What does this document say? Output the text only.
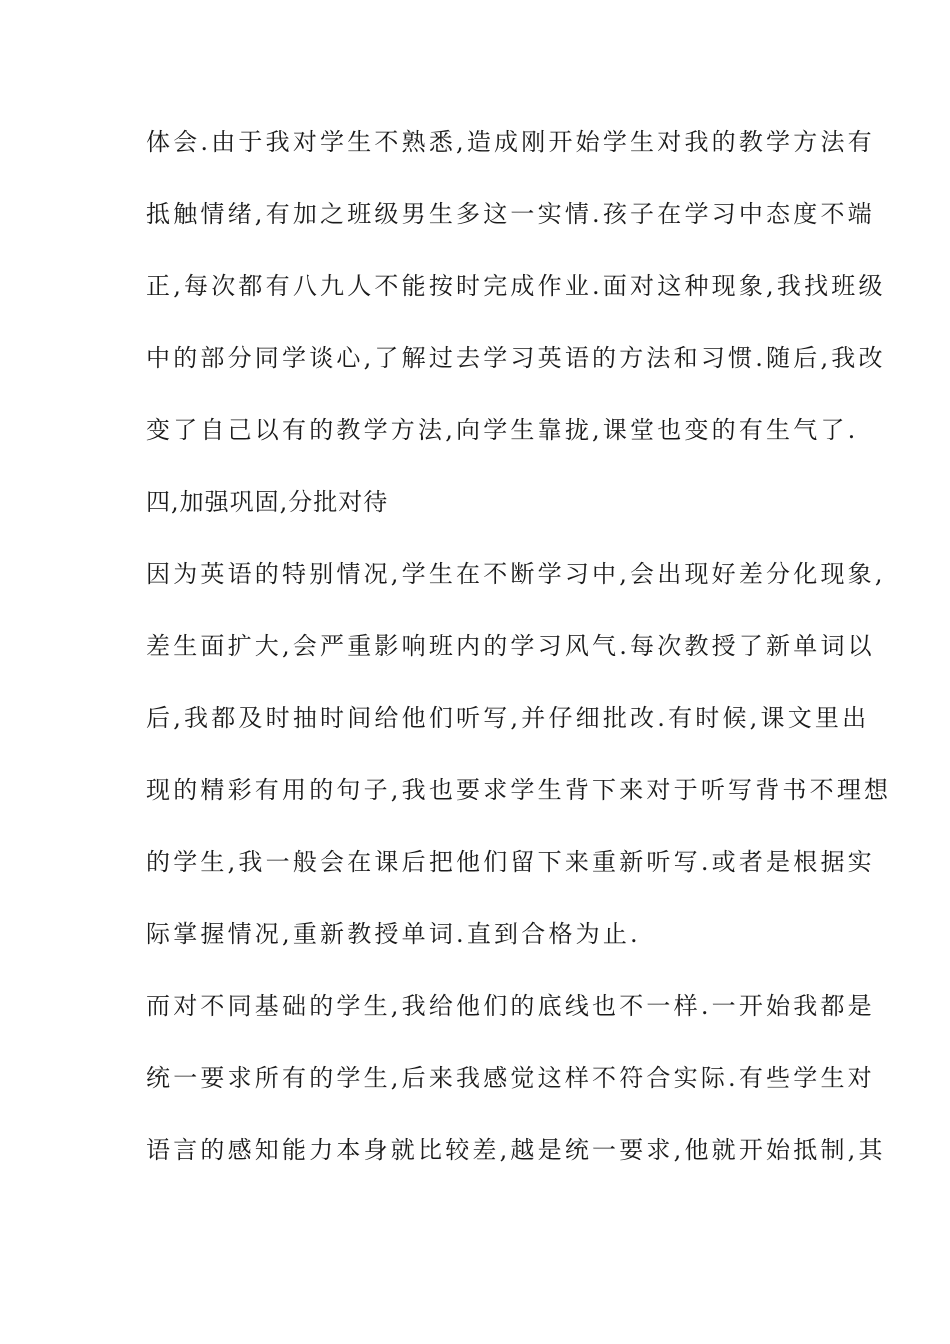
体会.由于我对学生不熟悉,造成刚开始学生对我的教学方法有
抵触情绪,有加之班级男生多这一实情.孩子在学习中态度不端
正,每次都有八九人不能按时完成作业.面对这种现象,我找班级
中的部分同学谈心,了解过去学习英语的方法和习惯.随后,我改
变了自己以有的教学方法,向学生靠拢,课堂也变的有生气了.
四,加强巩固,分批对待
因为英语的特别情况,学生在不断学习中,会出现好差分化现象,
差生面扩大,会严重影响班内的学习风气.每次教授了新单词以
后,我都及时抽时间给他们听写,并仔细批改.有时候,课文里出
现的精彩有用的句子,我也要求学生背下来对于听写背书不理想
的学生,我一般会在课后把他们留下来重新听写.或者是根据实
际掌握情况,重新教授单词.直到合格为止.
而对不同基础的学生,我给他们的底线也不一样.一开始我都是
统一要求所有的学生,后来我感觉这样不符合实际.有些学生对
语言的感知能力本身就比较差,越是统一要求,他就开始抵制,其
